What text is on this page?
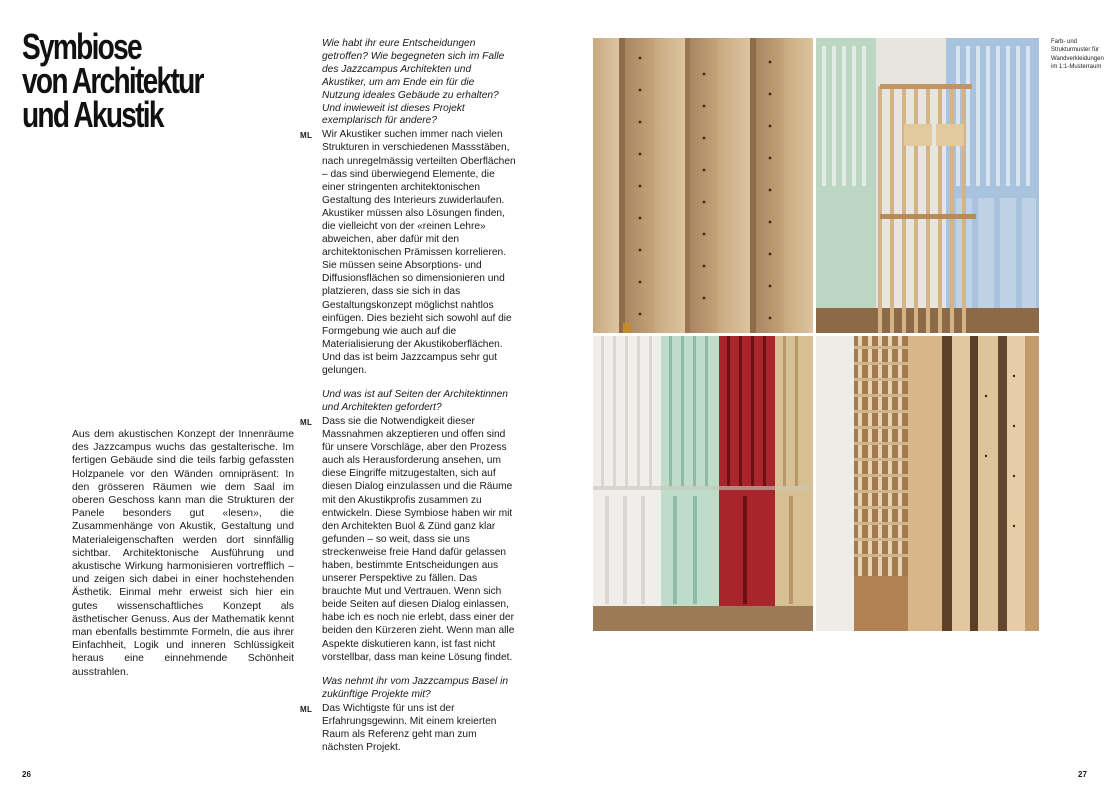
Symbiose
von Architektur
und Akustik

Aus dem akustischen Konzept der Innenräume des Jazzcampus wuchs das gestalterische. Im fertigen Gebäude sind die teils farbig gefassten Holzpanele vor den Wänden omnipräsent: In den grösseren Räumen wie dem Saal im oberen Geschoss kann man die Strukturen der Panele besonders gut «lesen», die Zusammenhänge von Akustik, Gestaltung und Materialeigenschaften werden dort sinnfällig sichtbar. Architektonische Ausführung und akustische Wirkung harmonisieren vortrefflich – und zeigen sich dabei in einer hochstehenden Ästhetik. Einmal mehr erweist sich hier ein gutes wissenschaftliches Konzept als ästhetischer Genuss. Aus der Mathematik kennt man ebenfalls bestimmte Formeln, die aus ihrer Einfachheit, Logik und inneren Schlüssigkeit heraus eine einnehmende Schönheit ausstrahlen.

Wie habt ihr eure Entscheidungen getroffen? Wie begegneten sich im Falle des Jazzcampus Architekten und Akustiker, um am Ende ein für die Nutzung ideales Gebäude zu erhalten? Und inwieweit ist dieses Projekt exemplarisch für andere?

ML Wir Akustiker suchen immer nach vielen Strukturen in verschiedenen Massstäben, nach unregelmässig verteilten Oberflächen – das sind überwiegend Elemente, die einer stringenten architektonischen Gestaltung des Interieurs zuwiderlaufen. Akustiker müssen also Lösungen finden, die vielleicht von der «reinen Lehre» abweichen, aber dafür mit den architektonischen Prämissen korrelieren. Sie müssen seine Absorptions- und Diffusionsflächen so dimensionieren und platzieren, dass sie sich in das Gestaltungskonzept möglichst nahtlos einfügen. Dies bezieht sich sowohl auf die Formgebung wie auch auf die Materialisierung der Akustikoberflächen. Und das ist beim Jazzcampus sehr gut gelungen.

Und was ist auf Seiten der Architektinnen und Architekten gefordert?

ML Dass sie die Notwendigkeit dieser Massnahmen akzeptieren und offen sind für unsere Vorschläge, aber den Prozess auch als Herausforderung ansehen, um diese Eingriffe mitzugestalten, sich auf diesen Dialog einzulassen und die Räume mit den Akustikprofis zusammen zu entwickeln. Diese Symbiose haben wir mit den Architekten Buol & Zünd ganz klar gefunden – so weit, dass sie uns streckenweise freie Hand dafür gelassen haben, bestimmte Entscheidungen aus unserer Perspektive zu fällen. Das brauchte Mut und Vertrauen. Wenn sich beide Seiten auf diesen Dialog einlassen, habe ich es noch nie erlebt, dass einer der beiden den Kürzeren zieht. Wenn man alle Aspekte diskutieren kann, ist fast nicht vorstellbar, dass man keine Lösung findet.

Was nehmt ihr vom Jazzcampus Basel in zukünftige Projekte mit?

ML Das Wichtigste für uns ist der Erfahrungsgewinn. Mit einem kreierten Raum als Referenz geht man zum nächsten Projekt.

Farb- und Strukturmuster für Wandverkleidungen im 1:1-Musterraum

26	27
